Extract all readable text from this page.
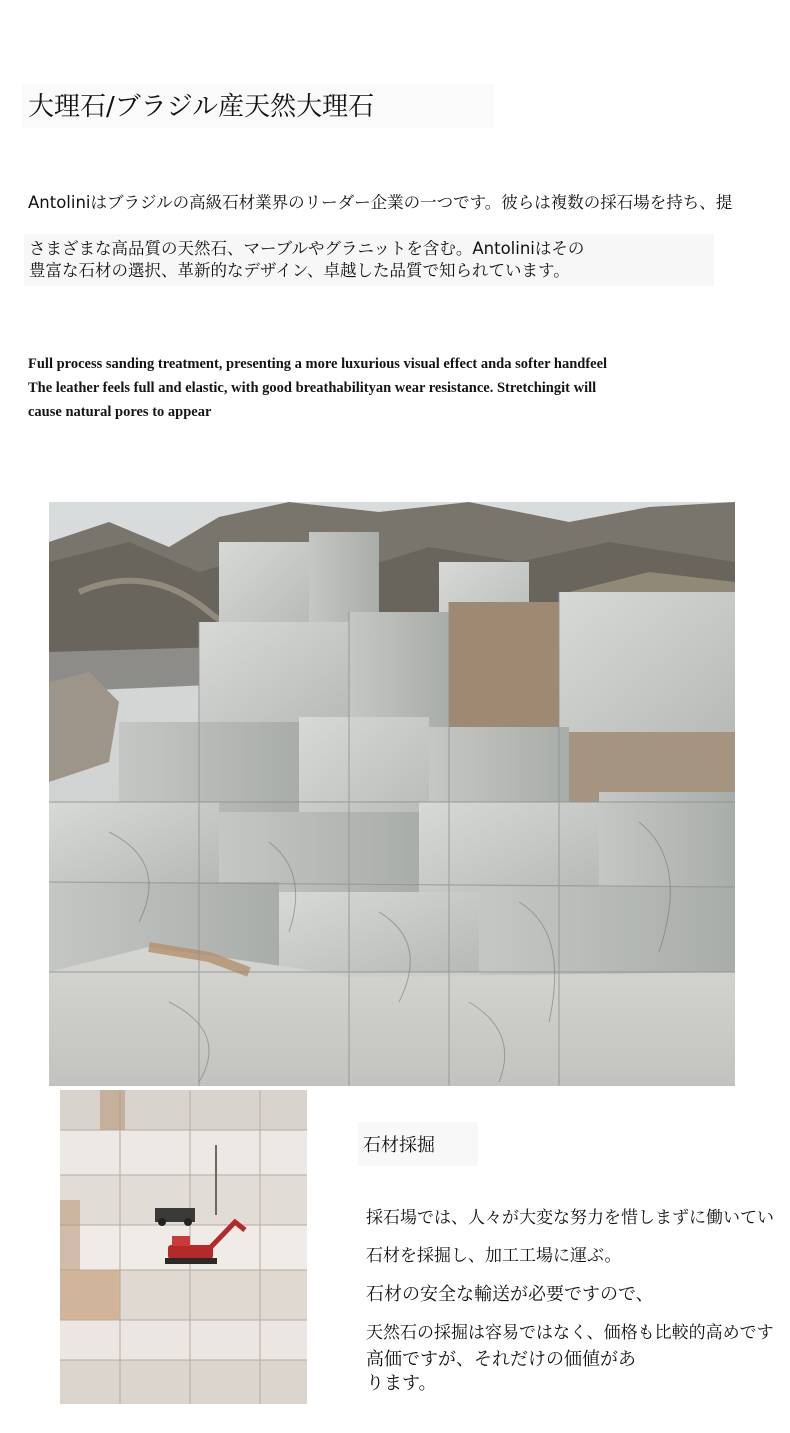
大理石/ブラジル産天然大理石
Antoliniはブラジルの高級石材業界のリーダー企業の一つです。彼らは複数の採石場を持ち、提
さまざまな高品質の天然石、マーブルやグラニットを含む。Antoliniはその
豊富な石材の選択、革新的なデザイン、卓越した品質で知られています。
Full process sanding treatment, presenting a more luxurious visual effect anda softer handfeel
The leather feels full and elastic, with good breathabilityan wear resistance. Stretchingit will
cause natural pores to appear
石材採掘
採石場では、人々が大変な努力を惜しまずに働いてい
石材を採掘し、加工工場に運ぶ。
石材の安全な輸送が必要ですので、
天然石の採掘は容易ではなく、価格も比較的高めです
高価ですが、それだけの価値があ
ります。
